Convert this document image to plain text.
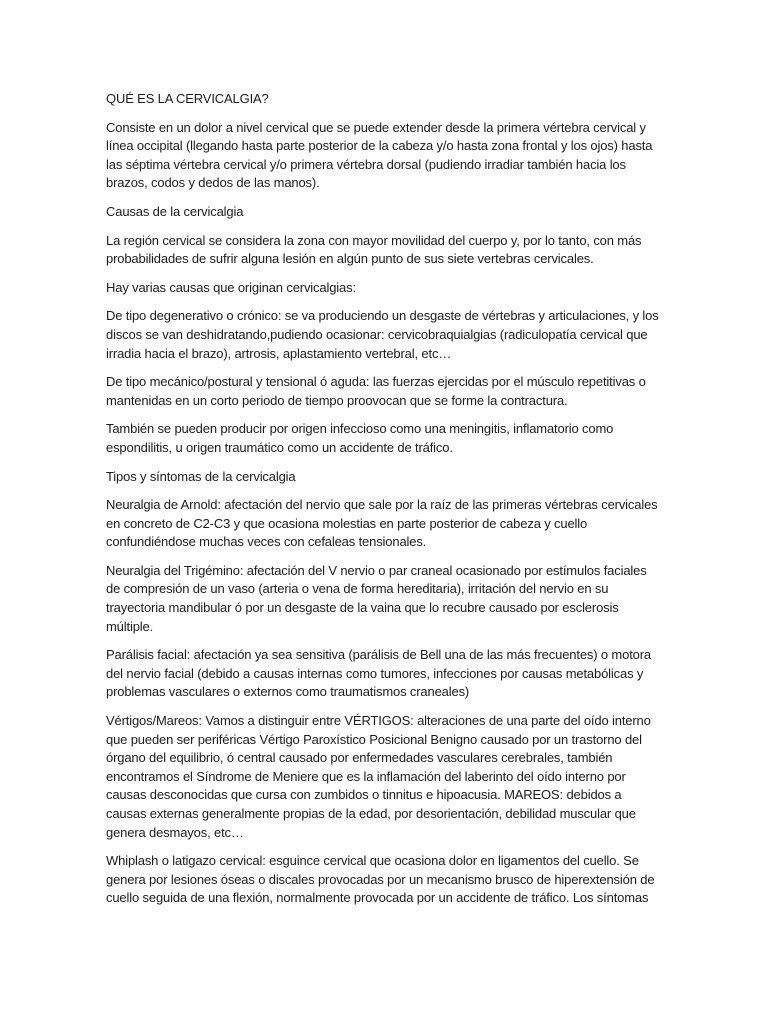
QUÉ ES LA CERVICALGIA?

Consiste en un dolor a nivel cervical que se puede extender desde la primera vértebra cervical y línea occipital (llegando hasta parte posterior de la cabeza y/o hasta zona frontal y los ojos) hasta las séptima vértebra cervical y/o primera vértebra dorsal (pudiendo irradiar también hacia los brazos, codos y dedos de las manos).

Causas de la cervicalgia

La región cervical se considera la zona con mayor movilidad del cuerpo y, por lo tanto, con más probabilidades de sufrir alguna lesión en algún punto de sus siete vertebras cervicales.

Hay varias causas que originan cervicalgias:

De tipo degenerativo o crónico: se va produciendo un desgaste de vértebras y articulaciones, y los discos se van deshidratando,pudiendo ocasionar: cervicobraquialgias (radiculopatía cervical que irradia hacia el brazo), artrosis, aplastamiento vertebral, etc…

De tipo mecánico/postural y tensional ó aguda: las fuerzas ejercidas por el músculo repetitivas o mantenidas en un corto periodo de tiempo proovocan que se forme la contractura.

También se pueden producir por origen infeccioso como una meningitis, inflamatorio como espondilitis, u origen traumático como un accidente de tráfico.

Tipos y síntomas de la cervicalgia

Neuralgia de Arnold: afectación del nervio que sale por la raíz de las primeras vértebras cervicales en concreto de C2-C3 y que ocasiona molestias en parte posterior de cabeza y cuello confundiéndose muchas veces con cefaleas tensionales.

Neuralgia del Trigémino: afectación del V nervio o par craneal ocasionado por estímulos faciales de compresión de un vaso (arteria o vena de forma hereditaria), irritación del nervio en su trayectoria mandibular ó por un desgaste de la vaina que lo recubre causado por esclerosis múltiple.

Parálisis facial: afectación ya sea sensitiva (parálisis de Bell una de las más frecuentes) o motora del nervio facial (debido a causas internas como tumores, infecciones por causas metabólicas y problemas vasculares o externos como traumatismos craneales)

Vértigos/Mareos: Vamos a distinguir entre VÉRTIGOS: alteraciones de una parte del oído interno que pueden ser periféricas Vértigo Paroxístico Posicional Benigno causado por un trastorno del órgano del equilibrio, ó central causado por enfermedades vasculares cerebrales, también encontramos el Síndrome de Meniere que es la inflamación del laberinto del oído interno por causas desconocidas que cursa con zumbidos o tinnitus e hipoacusia. MAREOS: debidos a causas externas generalmente propias de la edad, por desorientación, debilidad muscular que genera desmayos, etc…

Whiplash o latigazo cervical: esguince cervical que ocasiona dolor en ligamentos del cuello. Se genera por lesiones óseas o discales provocadas por un mecanismo brusco de hiperextensión de cuello seguida de una flexión, normalmente provocada por un accidente de tráfico. Los síntomas
